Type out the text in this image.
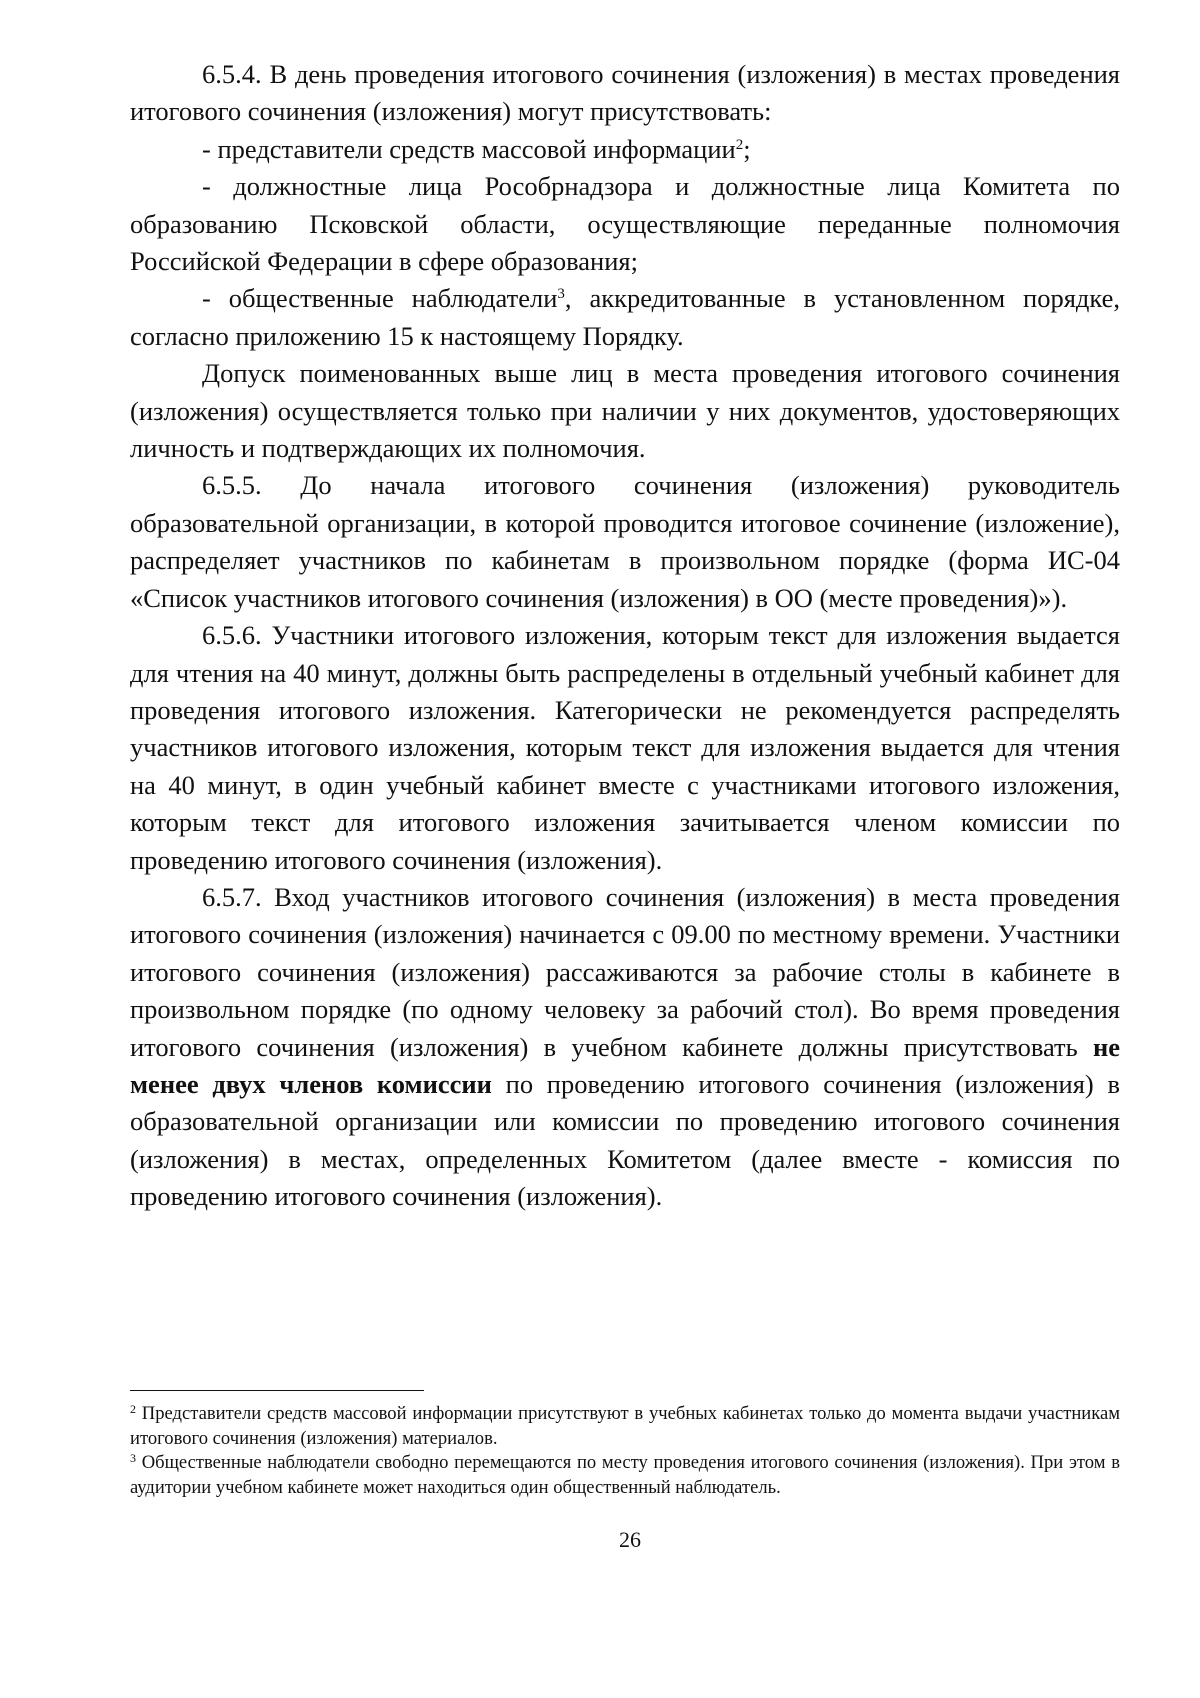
6.5.4. В день проведения итогового сочинения (изложения) в местах проведения итогового сочинения (изложения) могут присутствовать:

- представители средств массовой информации$^2$;

- должностные лица Рособрнадзора и должностные лица Комитета по образованию Псковской области, осуществляющие переданные полномочия Российской Федерации в сфере образования;

- общественные наблюдатели$^3$, аккредитованные в установленном порядке, согласно приложению 15 к настоящему Порядку.

Допуск поименованных выше лиц в места проведения итогового сочинения (изложения) осуществляется только при наличии у них документов, удостоверяющих личность и подтверждающих их полномочия.

6.5.5. До начала итогового сочинения (изложения) руководитель образовательной организации, в которой проводится итоговое сочинение (изложение), распределяет участников по кабинетам в произвольном порядке (форма ИС-04 «Список участников итогового сочинения (изложения) в ОО (месте проведения)»).

6.5.6. Участники итогового изложения, которым текст для изложения выдается для чтения на 40 минут, должны быть распределены в отдельный учебный кабинет для проведения итогового изложения. Категорически не рекомендуется распределять участников итогового изложения, которым текст для изложения выдается для чтения на 40 минут, в один учебный кабинет вместе с участниками итогового изложения, которым текст для итогового изложения зачитывается членом комиссии по проведению итогового сочинения (изложения).

6.5.7. Вход участников итогового сочинения (изложения) в места проведения итогового сочинения (изложения) начинается с 09.00 по местному времени. Участники итогового сочинения (изложения) рассаживаются за рабочие столы в кабинете в произвольном порядке (по одному человеку за рабочий стол). Во время проведения итогового сочинения (изложения) в учебном кабинете должны присутствовать не менее двух членов комиссии по проведению итогового сочинения (изложения) в образовательной организации или комиссии по проведению итогового сочинения (изложения) в местах, определенных Комитетом (далее вместе - комиссия по проведению итогового сочинения (изложения).

$^2$ Представители средств массовой информации присутствуют в учебных кабинетах только до момента выдачи участникам итогового сочинения (изложения) материалов.

$^3$ Общественные наблюдатели свободно перемещаются по месту проведения итогового сочинения (изложения). При этом в аудитории учебном кабинете может находиться один общественный наблюдатель.

26
